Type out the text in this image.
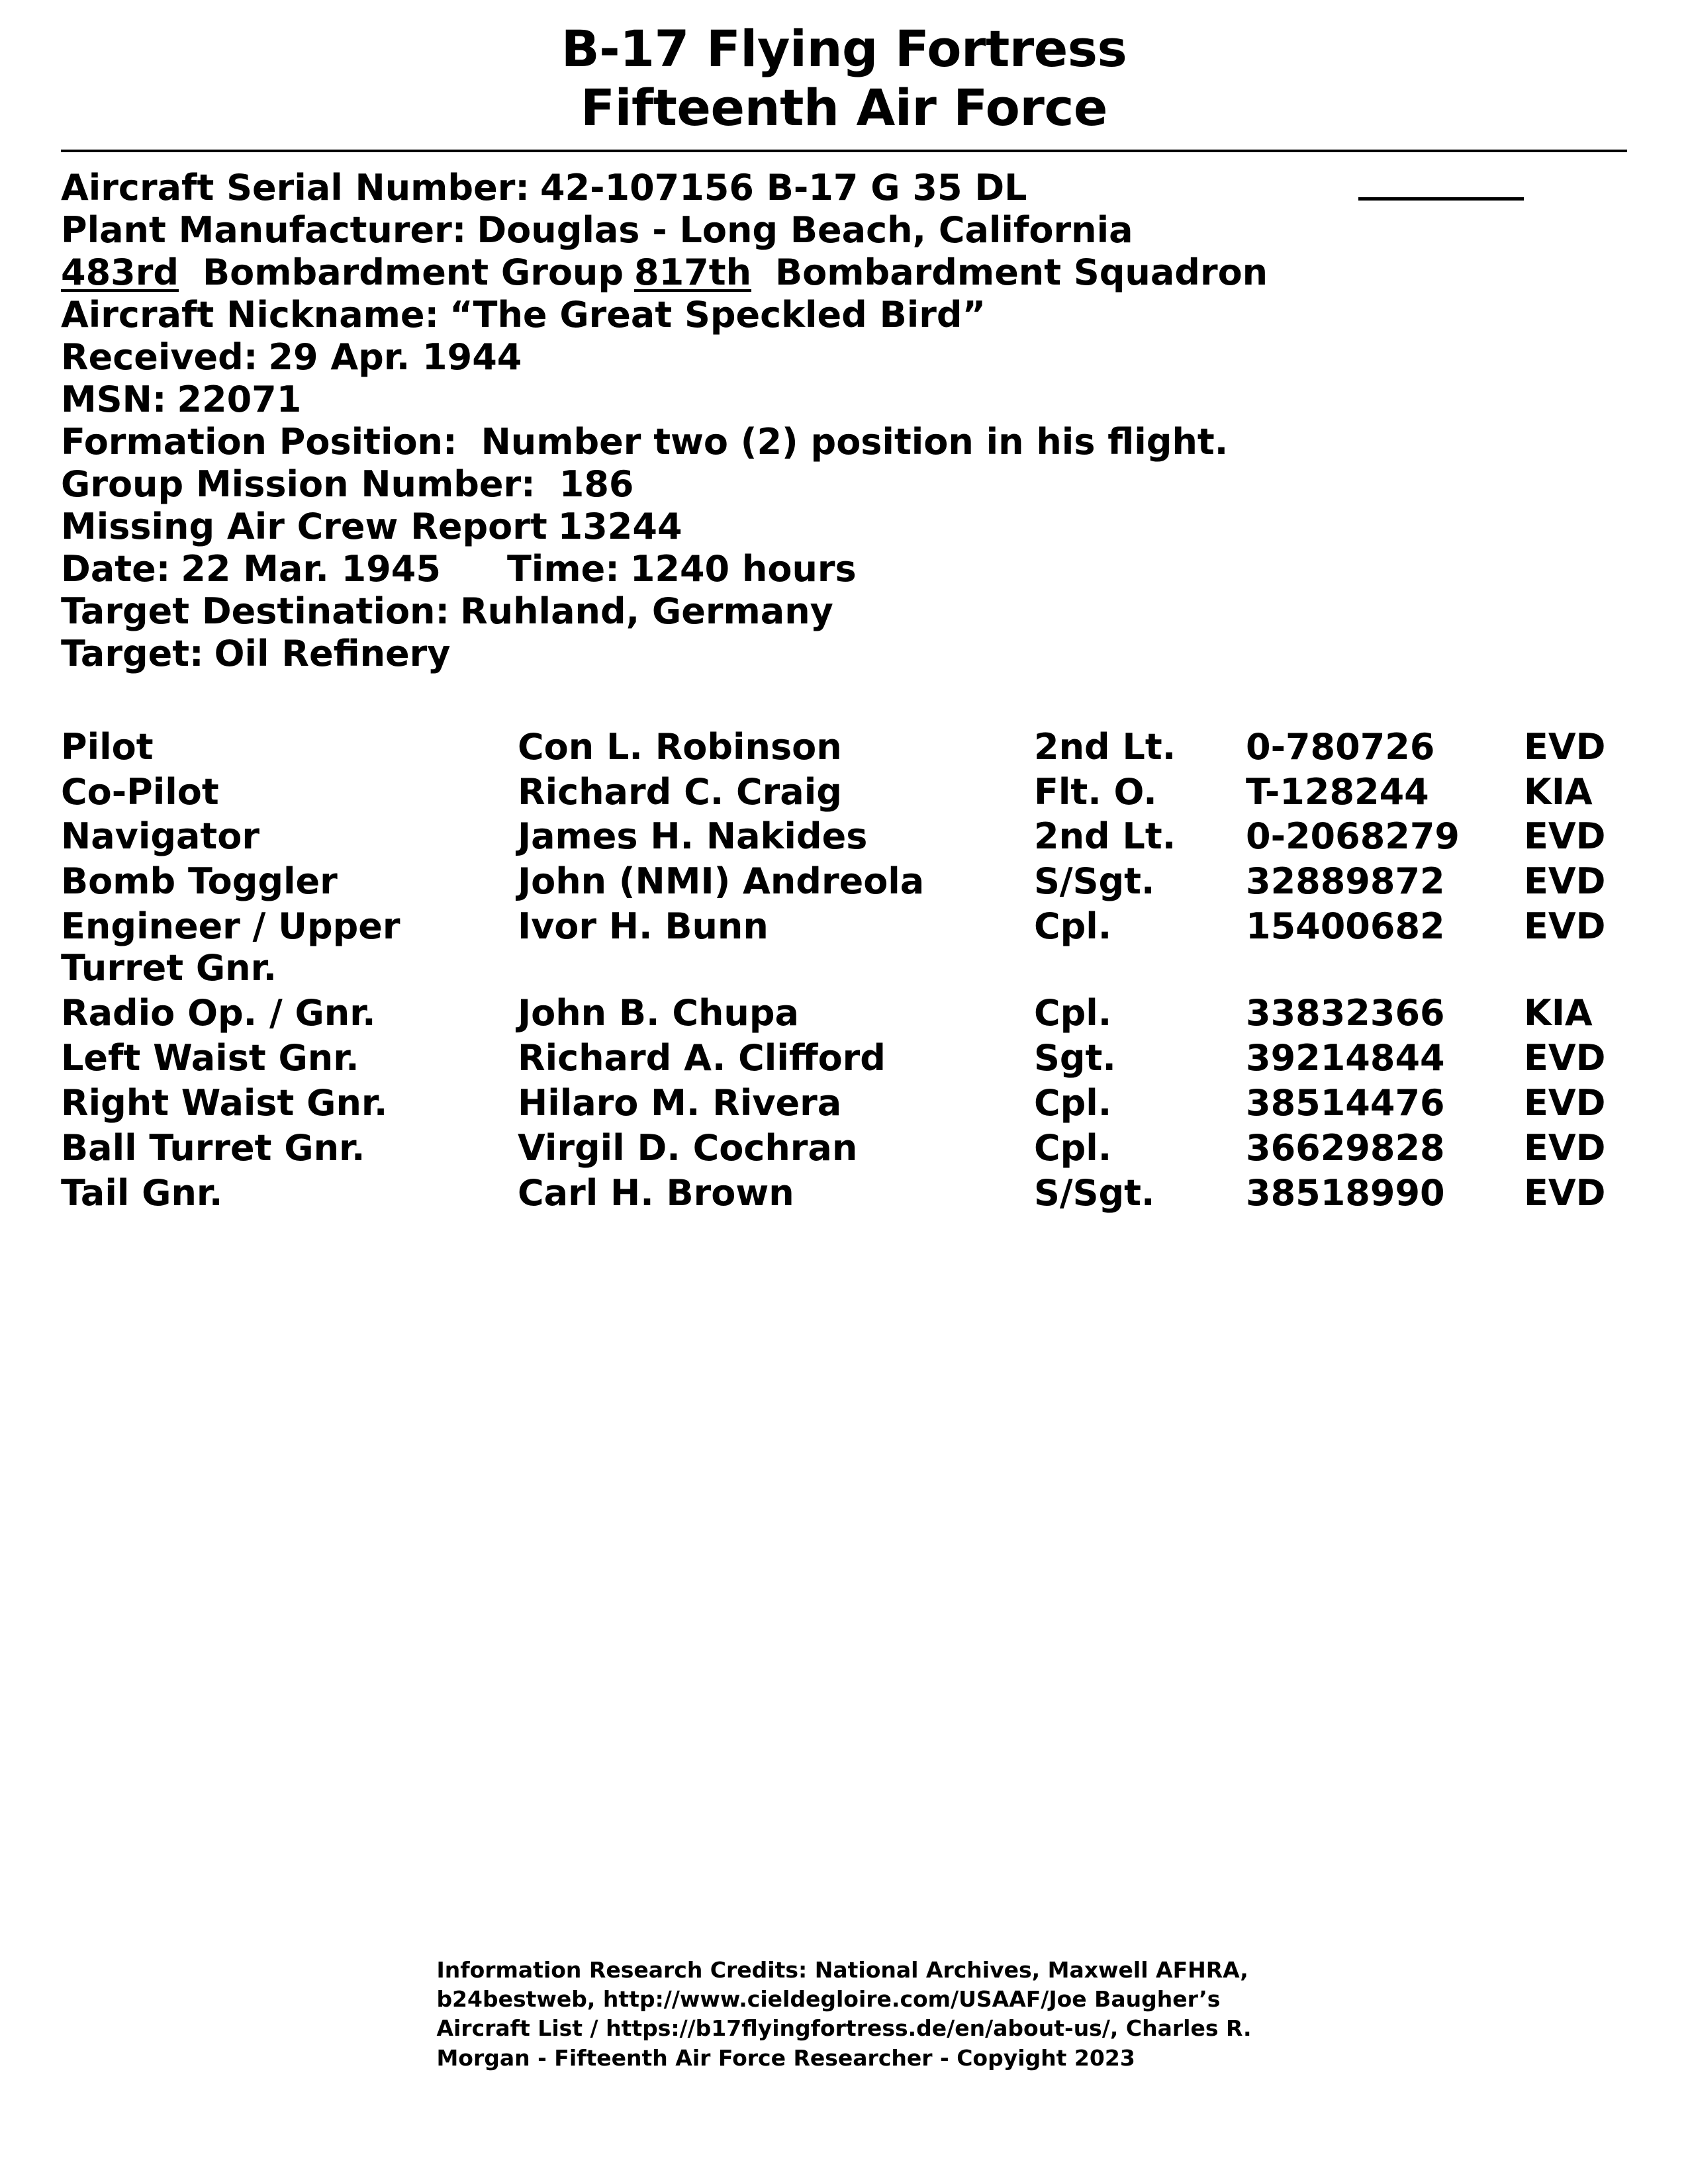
B-17 Flying Fortress
Fifteenth Air Force
Aircraft Serial Number: 42-107156 B-17 G 35 DL
Plant Manufacturer: Douglas - Long Beach, California
483rd Bombardment Group 817th Bombardment Squadron
Aircraft Nickname: “The Great Speckled Bird”
Received: 29 Apr. 1944
MSN: 22071
Formation Position: Number two (2) position in his flight.
Group Mission Number: 186
Missing Air Crew Report 13244
Date: 22 Mar. 1945 Time: 1240 hours
Target Destination: Ruhland, Germany
Target: Oil Refinery
Pilot	Con L. Robinson	2nd Lt.	0-780726	EVD

Co-Pilot	Richard C. Craig	Flt. O.	T-128244	KIA

Navigator	James H. Nakides	2nd Lt.	0-2068279	EVD

Bomb Toggler	John (NMI) Andreola	S/Sgt.	32889872	EVD

Engineer / Upper
Turret Gnr.	Ivor H. Bunn	Cpl.	15400682	EVD

Radio Op. / Gnr.	John B. Chupa	Cpl.	33832366	KIA

Left Waist Gnr.	Richard A. Clifford	Sgt.	39214844	EVD

Right Waist Gnr.	Hilaro M. Rivera	Cpl.	38514476	EVD

Ball Turret Gnr.	Virgil D. Cochran	Cpl.	36629828	EVD

Tail Gnr.	Carl H. Brown	S/Sgt.	38518990	EVD
Information Research Credits: National Archives, Maxwell AFHRA,
b24bestweb, http://www.cieldegloire.com/USAAF/Joe Baugher’s
Aircraft List / https://b17flyingfortress.de/en/about-us/, Charles R.
Morgan - Fifteenth Air Force Researcher - Copyight 2023
